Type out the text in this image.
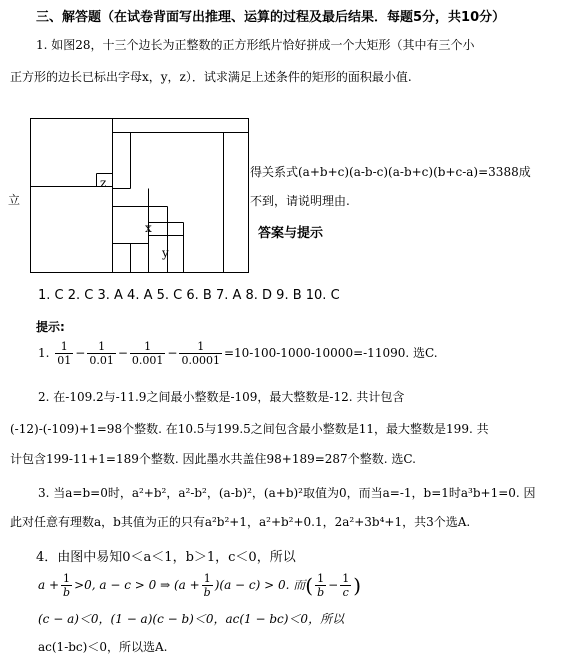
三、解答题（在试卷背面写出推理、运算的过程及最后结果．每题5分，共10分）
1. 如图28，十三个边长为正整数的正方形纸片恰好拼成一个大矩形（其中有三个小
正方形的边长已标出字母x，y，z）．试求满足上述条件的矩形的面积最小值.
z
x
y
立
得关系式(a+b+c)(a-b-c)(a-b+c)(b+c-a)=3388成
不到，请说明理由.
答案与提示
1. C 2. C 3. A 4. A 5. C 6. B 7. A 8. D 9. B 10. C
提示:
1. $\frac{1}{01} - \frac{1}{0.01} - \frac{1}{0.001} - \frac{1}{0.0001} =10-100-1000-10000=-11090$. 选C.
2. 在-109.2与-11.9之间最小整数是-109，最大整数是-12. 共计包含
(-12)-(-109)+1=98个整数. 在10.5与199.5之间包含最小整数是11，最大整数是199. 共
计包含199-11+1=189个整数. 因此墨水共盖住98+189=287个整数. 选C.
3. 当a=b=0时，a²+b²，a²-b²，(a-b)²，(a+b)²取值为0，而当a=-1，b=1时a³b+1=0. 因
此对任意有理数a，b其值为正的只有a²b²+1，a²+b²+0.1，2a²+3b⁴+1，共3个选A.
4．由图中易知0＜a＜1，b＞1，c＜0，所以
$a + \frac{1}{b} >0$, a − c > 0 ⇒ $(a + \frac{1}{b} )(a - c) > 0$. 而( $\frac{1}{b} - \frac{1}{c}$ )
(c − a)＜0，(1 − a)(c − b)＜0，ac(1 − bc)＜0，所以
ac(1-bc)＜0，所以选A.
